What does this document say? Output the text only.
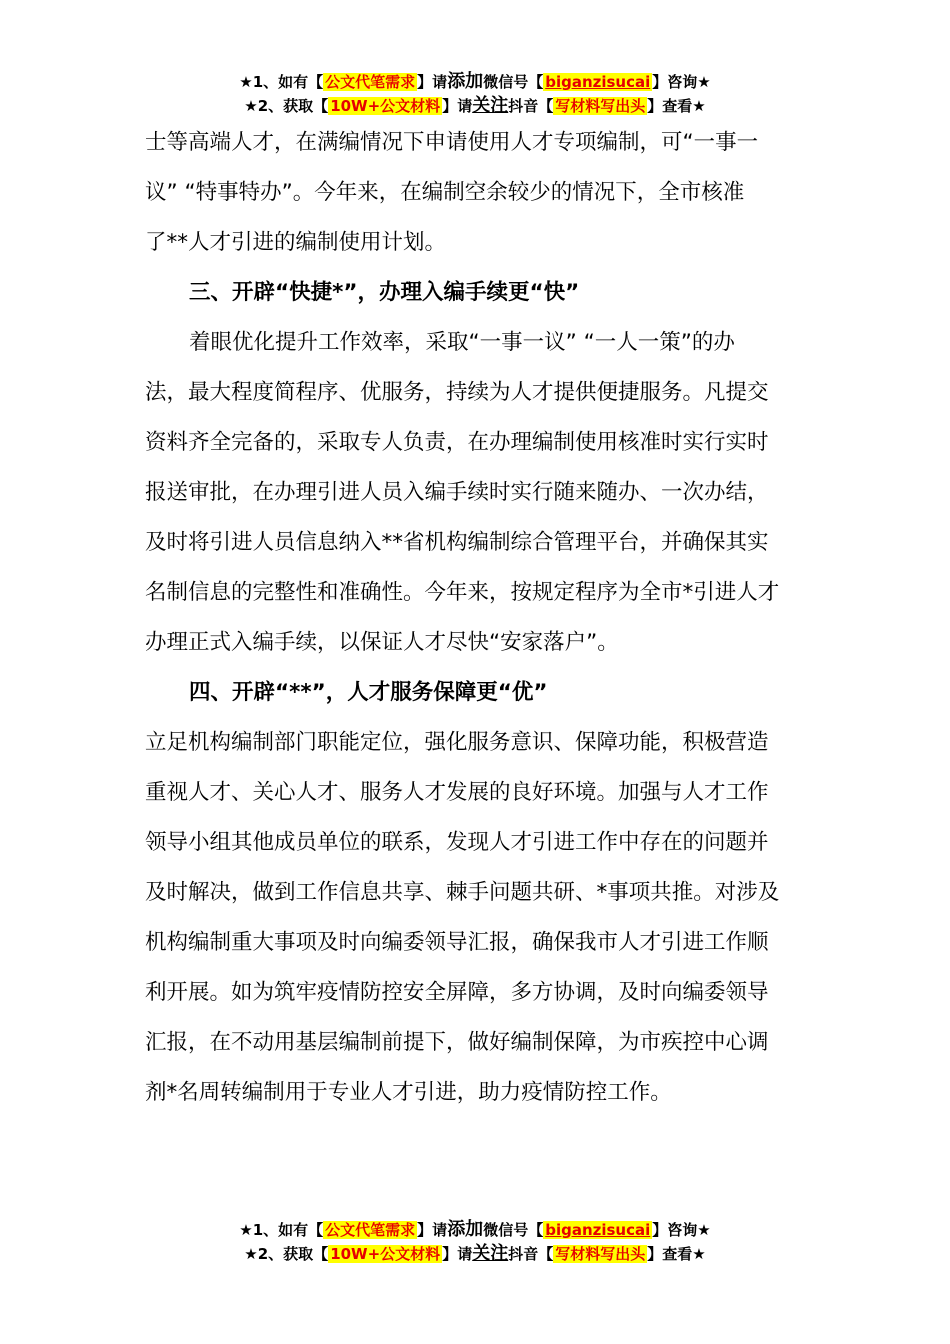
★1、如有【 公文代笔需求 】请添加微信号【 biganzisucai 】咨询★
★2、获取【 10W+公文材料 】请关注抖音【 写材料写出头 】查看★
士等高端人才，在满编情况下申请使用人才专项编制，可“一事一
议” “特事特办”。今年来，在编制空余较少的情况下，全市核准
了**人才引进的编制使用计划。
三、开辟“快捷*”，办理入编手续更“快”
着眼优化提升工作效率，采取“一事一议” “一人一策”的办
法，最大程度简程序、优服务，持续为人才提供便捷服务。凡提交
资料齐全完备的，采取专人负责，在办理编制使用核准时实行实时
报送审批，在办理引进人员入编手续时实行随来随办、一次办结，
及时将引进人员信息纳入**省机构编制综合管理平台，并确保其实
名制信息的完整性和准确性。今年来，按规定程序为全市*引进人才
办理正式入编手续，以保证人才尽快“安家落户”。
四、开辟“**”，人才服务保障更“优”
立足机构编制部门职能定位，强化服务意识、保障功能，积极营造
重视人才、关心人才、服务人才发展的良好环境。加强与人才工作
领导小组其他成员单位的联系，发现人才引进工作中存在的问题并
及时解决，做到工作信息共享、棘手问题共研、*事项共推。对涉及
机构编制重大事项及时向编委领导汇报，确保我市人才引进工作顺
利开展。如为筑牢疫情防控安全屏障，多方协调，及时向编委领导
汇报，在不动用基层编制前提下，做好编制保障，为市疾控中心调
剂*名周转编制用于专业人才引进，助力疫情防控工作。
★1、如有【 公文代笔需求 】请添加微信号【 biganzisucai 】咨询★
★2、获取【 10W+公文材料 】请关注抖音【 写材料写出头 】查看★
